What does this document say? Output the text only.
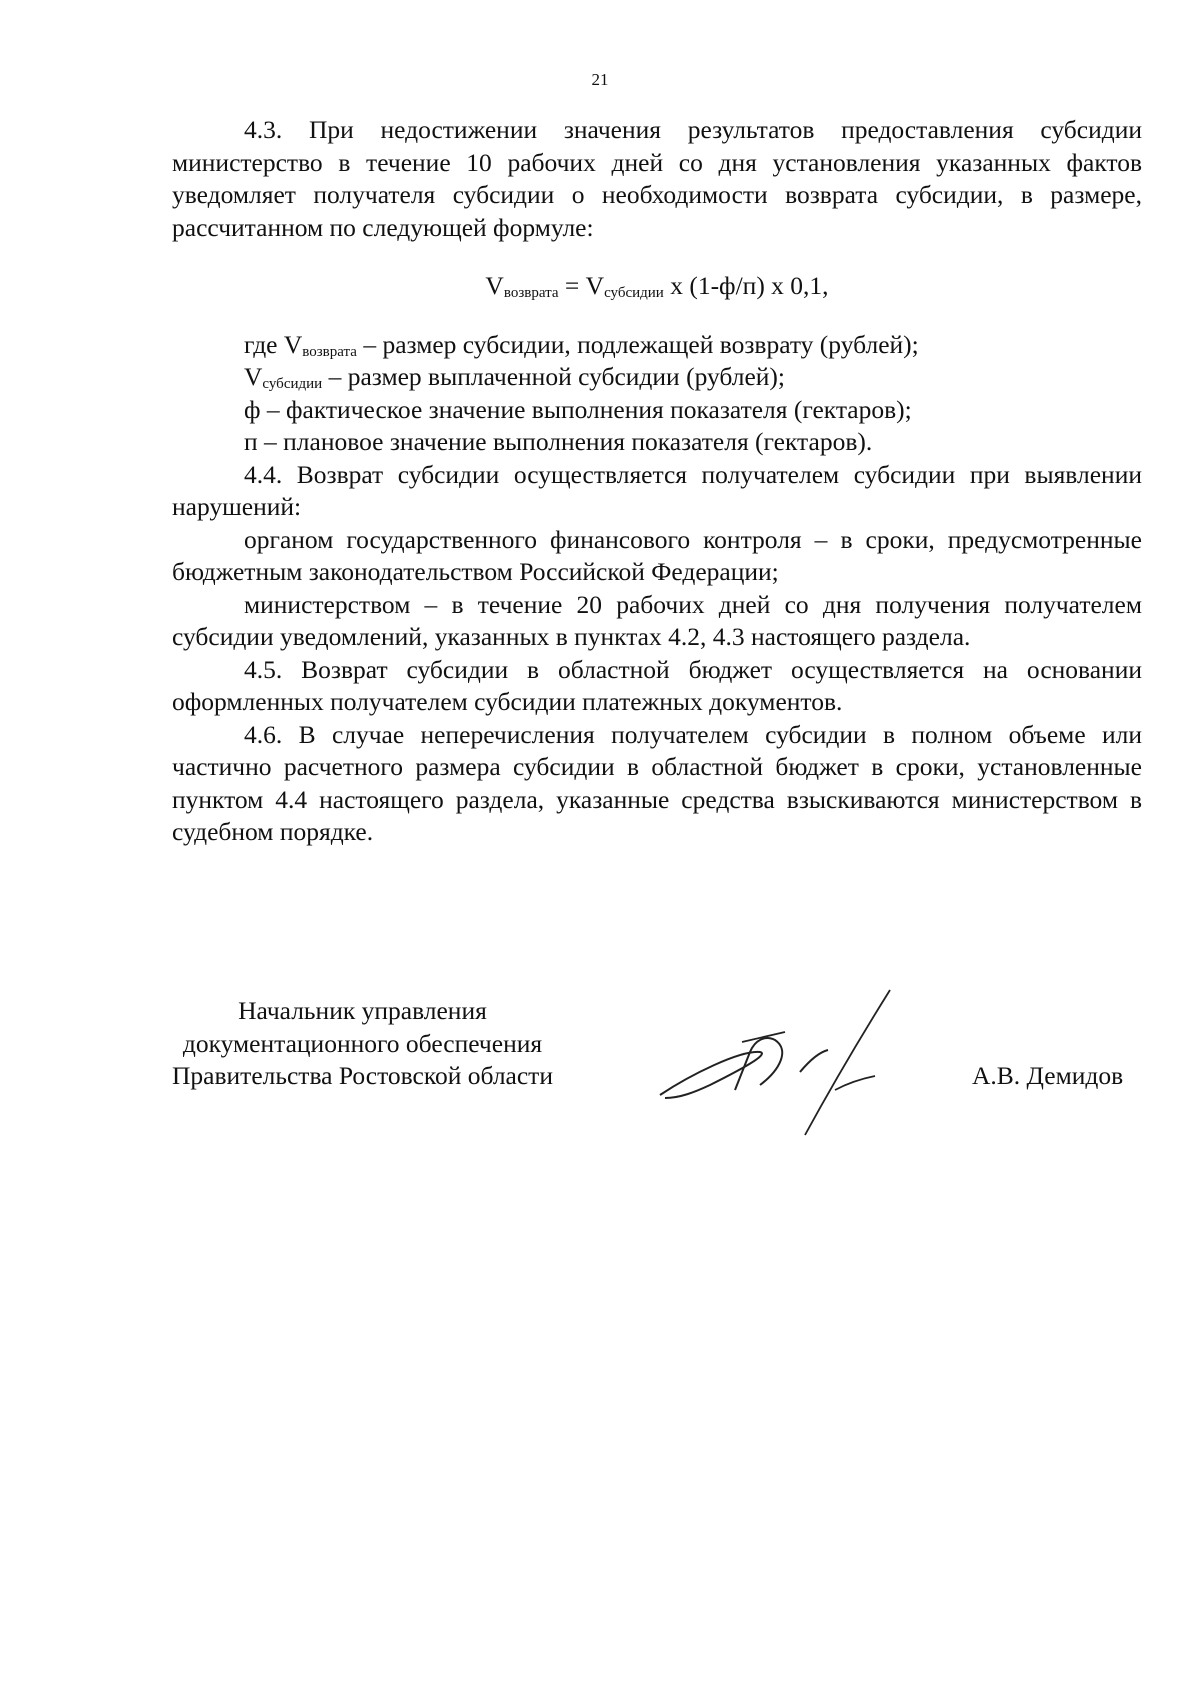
21

4.3. При недостижении значения результатов предоставления субсидии министерство в течение 10 рабочих дней со дня установления указанных фактов уведомляет получателя субсидии о необходимости возврата субсидии, в размере, рассчитанном по следующей формуле:

$V_{возврата} = V_{субсидии}$ х (1-ф/п) х 0,1,

где $V_{возврата}$ – размер субсидии, подлежащей возврату (рублей);

$V_{субсидии}$ – размер выплаченной субсидии (рублей);

ф – фактическое значение выполнения показателя (гектаров);

п – плановое значение выполнения показателя (гектаров).

4.4. Возврат субсидии осуществляется получателем субсидии при выявлении нарушений:

органом государственного финансового контроля – в сроки, предусмотренные бюджетным законодательством Российской Федерации;

министерством – в течение 20 рабочих дней со дня получения получателем субсидии уведомлений, указанных в пунктах 4.2, 4.3 настоящего раздела.

4.5. Возврат субсидии в областной бюджет осуществляется на основании оформленных получателем субсидии платежных документов.

4.6. В случае неперечисления получателем субсидии в полном объеме или частично расчетного размера субсидии в областной бюджет в сроки, установленные пунктом 4.4 настоящего раздела, указанные средства взыскиваются министерством в судебном порядке.

Начальник управления
документационного обеспечения
Правительства Ростовской области	А.В. Демидов
